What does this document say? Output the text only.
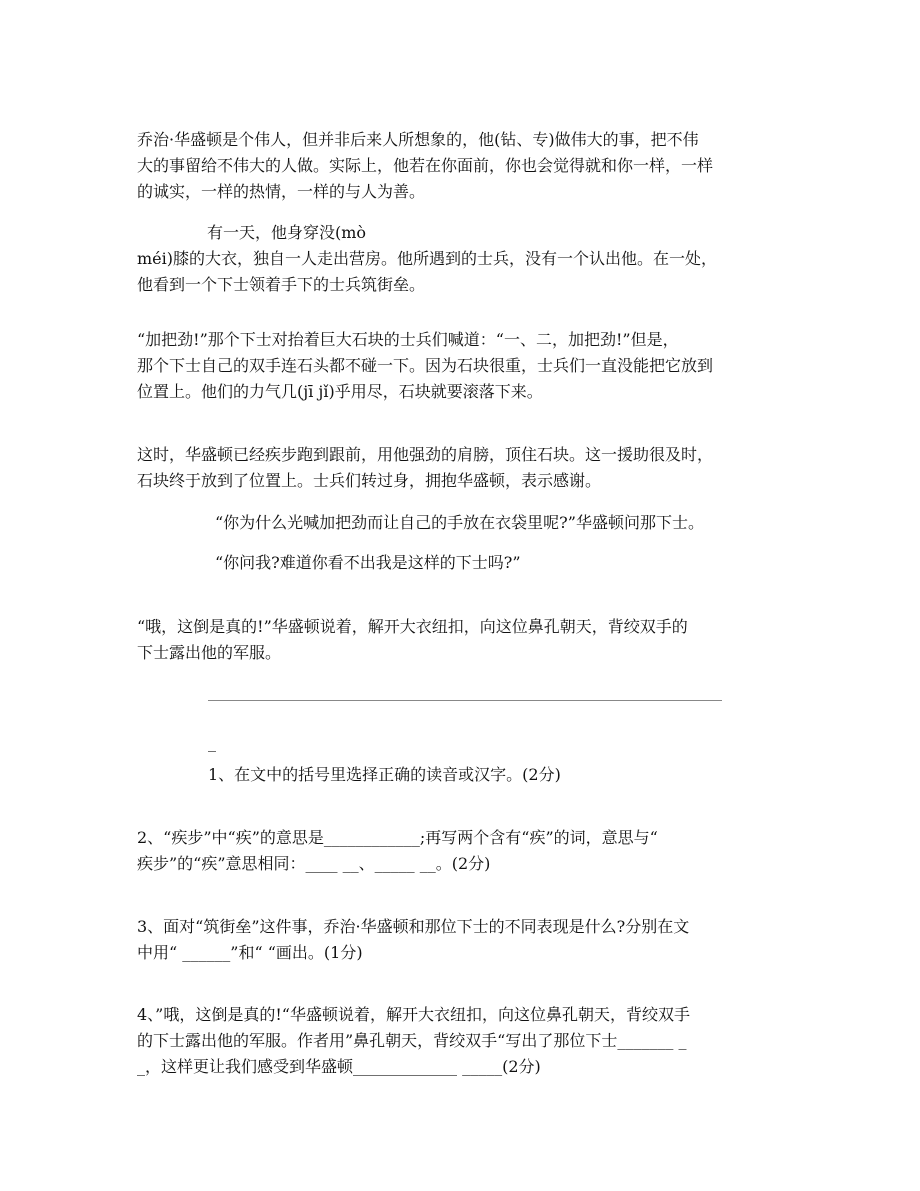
乔治·华盛顿是个伟人，但并非后来人所想象的，他(钻、专)做伟大的事，把不伟
大的事留给不伟大的人做。实际上，他若在你面前，你也会觉得就和你一样，一样
的诚实，一样的热情，一样的与人为善。
有一天，他身穿没(mò
méi)膝的大衣，独自一人走出营房。他所遇到的士兵，没有一个认出他。在一处，
他看到一个下士领着手下的士兵筑街垒。
“加把劲!”那个下士对抬着巨大石块的士兵们喊道：“一、二，加把劲!”但是，
那个下士自己的双手连石头都不碰一下。因为石块很重，士兵们一直没能把它放到
位置上。他们的力气几(jī jǐ)乎用尽，石块就要滚落下来。
这时，华盛顿已经疾步跑到跟前，用他强劲的肩膀，顶住石块。这一援助很及时，
石块终于放到了位置上。士兵们转过身，拥抱华盛顿，表示感谢。
“你为什么光喊加把劲而让自己的手放在衣袋里呢?”华盛顿问那下士。
“你问我?难道你看不出我是这样的下士吗?”
“哦，这倒是真的!”华盛顿说着，解开大衣纽扣，向这位鼻孔朝天，背绞双手的
下士露出他的军服。
_
1、在文中的括号里选择正确的读音或汉字。(2分)
2、“疾步”中“疾”的意思是____________;再写两个含有“疾”的词，意思与“
疾步”的“疾”意思相同：____ __、_____ __。(2分)
3、面对“筑街垒”这件事，乔治·华盛顿和那位下士的不同表现是什么?分别在文
中用“ ______”和“ “画出。(1分)
4、”哦，这倒是真的!“华盛顿说着，解开大衣纽扣，向这位鼻孔朝天，背绞双手
的下士露出他的军服。作者用”鼻孔朝天，背绞双手“写出了那位下士_______ _
_，这样更让我们感受到华盛顿_____________ _____(2分)
